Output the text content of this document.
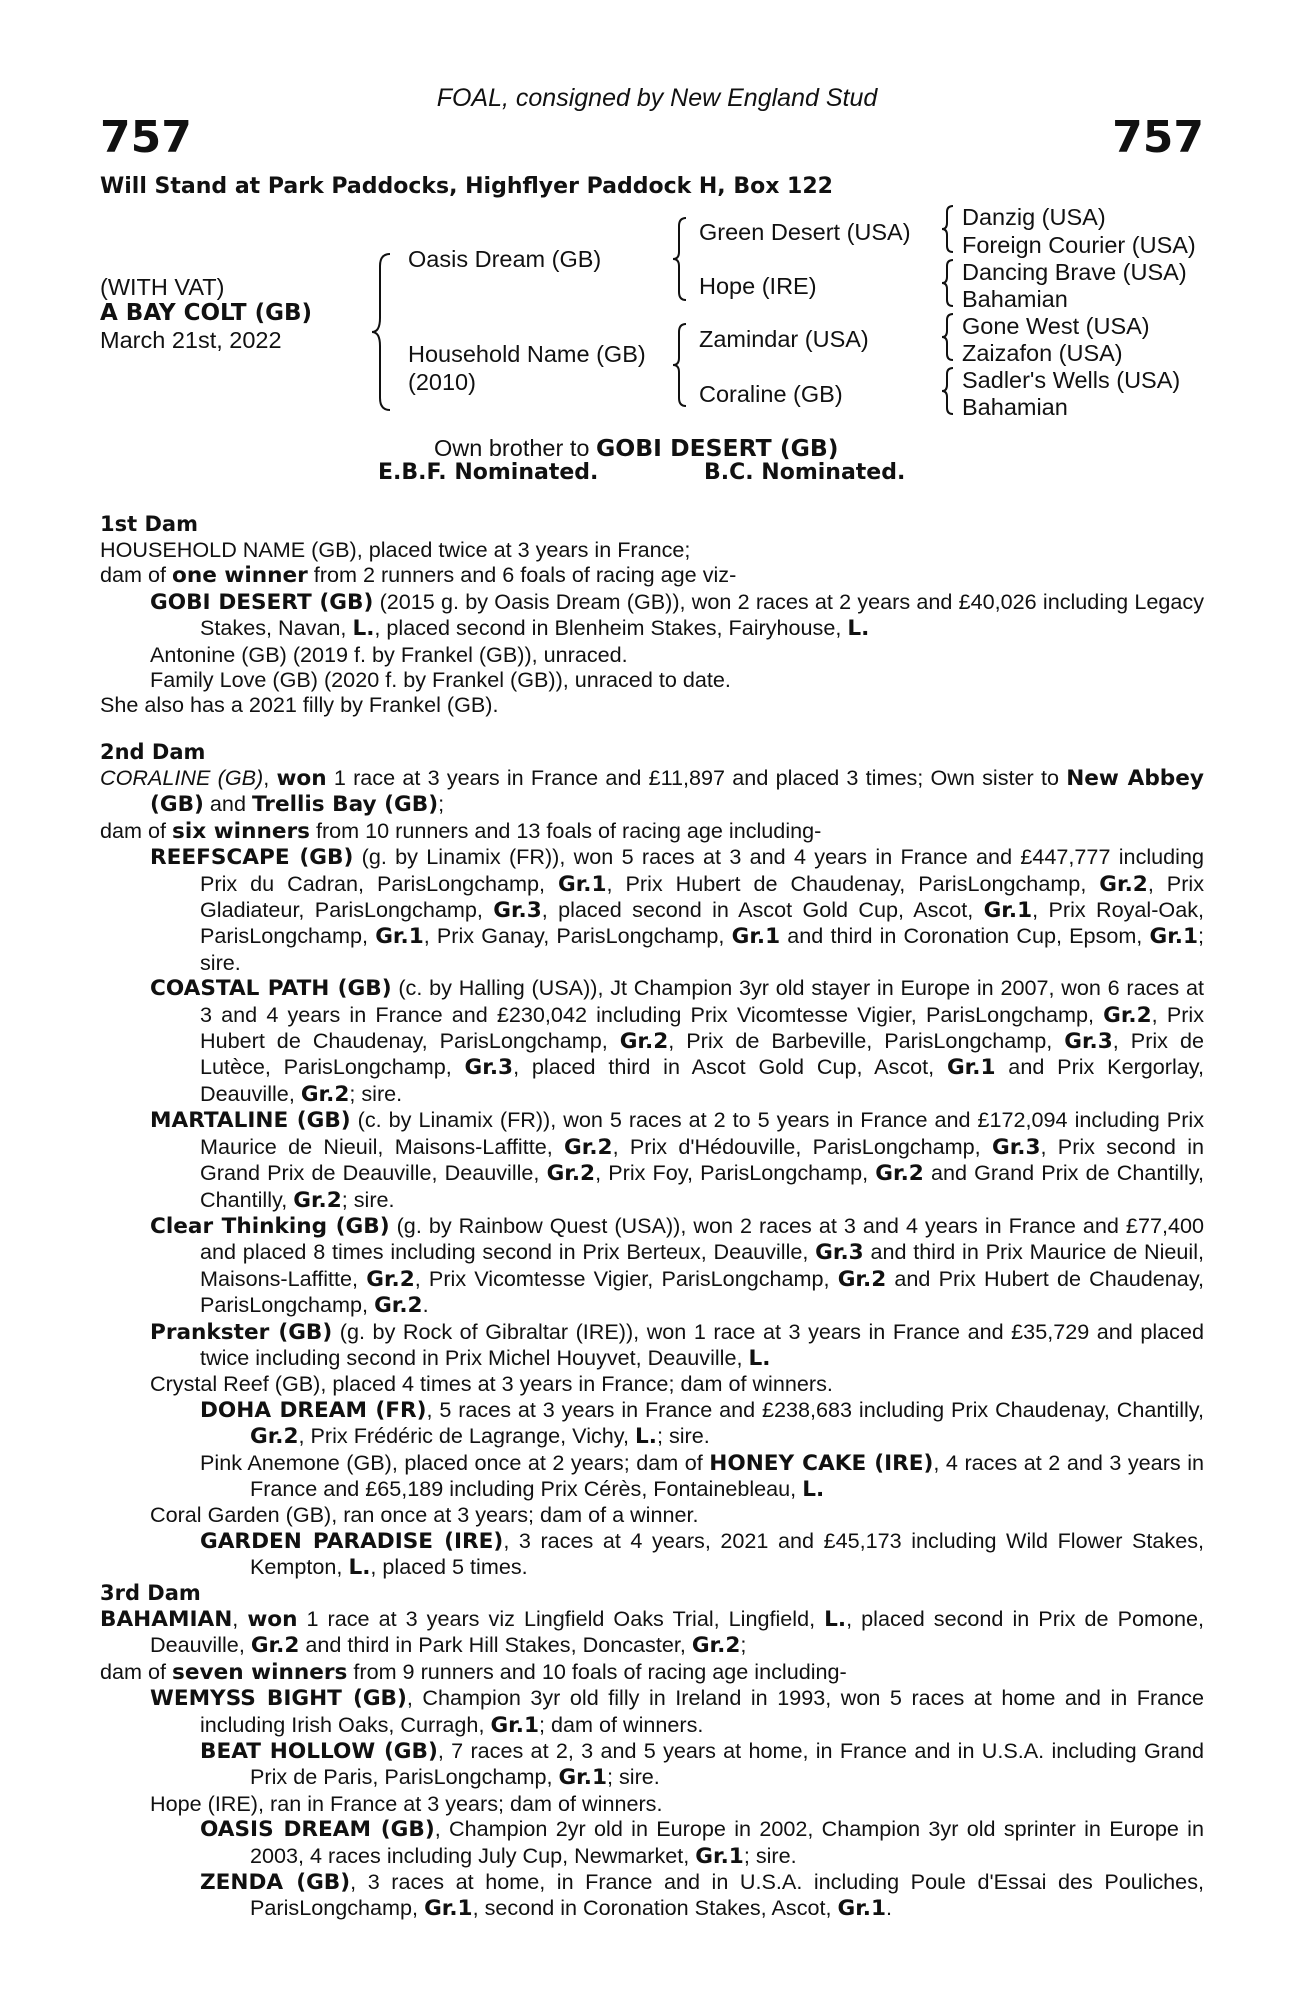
FOAL, consigned by New England Stud
757	757
Will Stand at Park Paddocks, Highflyer Paddock H, Box 122
(WITH VAT)
A BAY COLT (GB)
March 21st, 2022
Oasis Dream (GB)
Household Name (GB)
(2010)
Green Desert (USA)
Hope (IRE)
Zamindar (USA)
Coraline (GB)
Danzig (USA)
Foreign Courier (USA)
Dancing Brave (USA)
Bahamian
Gone West (USA)
Zaizafon (USA)
Sadler's Wells (USA)
Bahamian
Own brother to GOBI DESERT (GB)
E.B.F. Nominated.	B.C. Nominated.
1st Dam

HOUSEHOLD NAME (GB), placed twice at 3 years in France;

dam of one winner from 2 runners and 6 foals of racing age viz-

GOBI DESERT (GB) (2015 g. by Oasis Dream (GB)), won 2 races at 2 years and £40,026 including Legacy Stakes, Navan, L., placed second in Blenheim Stakes, Fairyhouse, L.

Antonine (GB) (2019 f. by Frankel (GB)), unraced.

Family Love (GB) (2020 f. by Frankel (GB)), unraced to date.

She also has a 2021 filly by Frankel (GB).

2nd Dam

CORALINE (GB), won 1 race at 3 years in France and £11,897 and placed 3 times; Own sister to New Abbey (GB) and Trellis Bay (GB);

dam of six winners from 10 runners and 13 foals of racing age including-

REEFSCAPE (GB) (g. by Linamix (FR)), won 5 races at 3 and 4 years in France and £447,777 including Prix du Cadran, ParisLongchamp, Gr.1, Prix Hubert de Chaudenay, ParisLongchamp, Gr.2, Prix Gladiateur, ParisLongchamp, Gr.3, placed second in Ascot Gold Cup, Ascot, Gr.1, Prix Royal-Oak, ParisLongchamp, Gr.1, Prix Ganay, ParisLongchamp, Gr.1 and third in Coronation Cup, Epsom, Gr.1; sire.

COASTAL PATH (GB) (c. by Halling (USA)), Jt Champion 3yr old stayer in Europe in 2007, won 6 races at 3 and 4 years in France and £230,042 including Prix Vicomtesse Vigier, ParisLongchamp, Gr.2, Prix Hubert de Chaudenay, ParisLongchamp, Gr.2, Prix de Barbeville, ParisLongchamp, Gr.3, Prix de Lutèce, ParisLongchamp, Gr.3, placed third in Ascot Gold Cup, Ascot, Gr.1 and Prix Kergorlay, Deauville, Gr.2; sire.

MARTALINE (GB) (c. by Linamix (FR)), won 5 races at 2 to 5 years in France and £172,094 including Prix Maurice de Nieuil, Maisons-Laffitte, Gr.2, Prix d'Hédouville, ParisLongchamp, Gr.3, Prix second in Grand Prix de Deauville, Deauville, Gr.2, Prix Foy, ParisLongchamp, Gr.2 and Grand Prix de Chantilly, Chantilly, Gr.2; sire.

Clear Thinking (GB) (g. by Rainbow Quest (USA)), won 2 races at 3 and 4 years in France and £77,400 and placed 8 times including second in Prix Berteux, Deauville, Gr.3 and third in Prix Maurice de Nieuil, Maisons-Laffitte, Gr.2, Prix Vicomtesse Vigier, ParisLongchamp, Gr.2 and Prix Hubert de Chaudenay, ParisLongchamp, Gr.2.

Prankster (GB) (g. by Rock of Gibraltar (IRE)), won 1 race at 3 years in France and £35,729 and placed twice including second in Prix Michel Houyvet, Deauville, L.

Crystal Reef (GB), placed 4 times at 3 years in France; dam of winners.

DOHA DREAM (FR), 5 races at 3 years in France and £238,683 including Prix Chaudenay, Chantilly, Gr.2, Prix Frédéric de Lagrange, Vichy, L.; sire.

Pink Anemone (GB), placed once at 2 years; dam of HONEY CAKE (IRE), 4 races at 2 and 3 years in France and £65,189 including Prix Cérès, Fontainebleau, L.

Coral Garden (GB), ran once at 3 years; dam of a winner.

GARDEN PARADISE (IRE), 3 races at 4 years, 2021 and £45,173 including Wild Flower Stakes, Kempton, L., placed 5 times.

3rd Dam

BAHAMIAN, won 1 race at 3 years viz Lingfield Oaks Trial, Lingfield, L., placed second in Prix de Pomone, Deauville, Gr.2 and third in Park Hill Stakes, Doncaster, Gr.2;

dam of seven winners from 9 runners and 10 foals of racing age including-

WEMYSS BIGHT (GB), Champion 3yr old filly in Ireland in 1993, won 5 races at home and in France including Irish Oaks, Curragh, Gr.1; dam of winners.

BEAT HOLLOW (GB), 7 races at 2, 3 and 5 years at home, in France and in U.S.A. including Grand Prix de Paris, ParisLongchamp, Gr.1; sire.

Hope (IRE), ran in France at 3 years; dam of winners.

OASIS DREAM (GB), Champion 2yr old in Europe in 2002, Champion 3yr old sprinter in Europe in 2003, 4 races including July Cup, Newmarket, Gr.1; sire.

ZENDA (GB), 3 races at home, in France and in U.S.A. including Poule d'Essai des Pouliches, ParisLongchamp, Gr.1, second in Coronation Stakes, Ascot, Gr.1.
